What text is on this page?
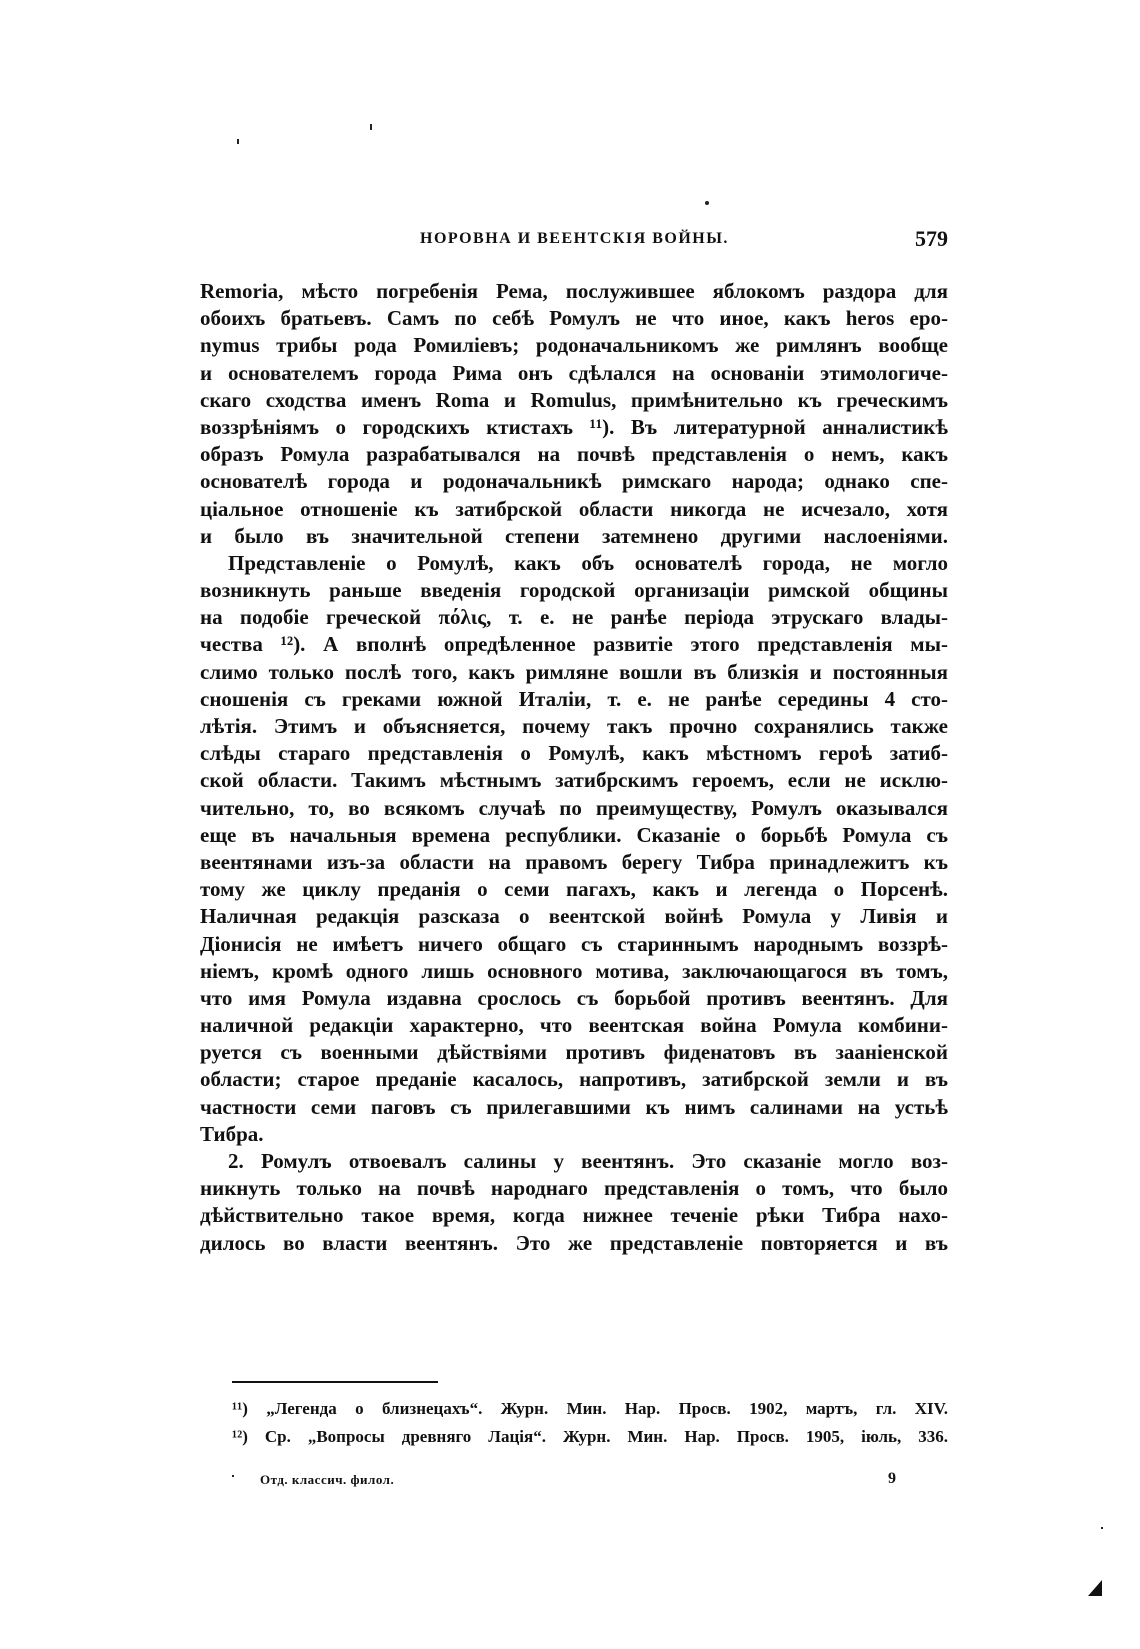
НОРОВНА И ВЕЕНТСКІЯ ВОЙНЫ.	579
Remoria, мѣсто погребенія Рема, послужившее яблокомъ раздора для
обоихъ братьевъ. Самъ по себѣ Ромулъ не что иное, какъ heros epo-
nymus трибы рода Ромиліевъ; родоначальникомъ же римлянъ вообще
и основателемъ города Рима онъ сдѣлался на основаніи этимологиче-
скаго сходства именъ Roma и Romulus, примѣнительно къ греческимъ
воззрѣніямъ о городскихъ ктистахъ ¹¹). Въ литературной анналистикѣ
образъ Ромула разрабатывался на почвѣ представленія о немъ, какъ
основателѣ города и родоначальникѣ римскаго народа; однако спе-
ціальное отношеніе къ затибрской области никогда не исчезало, хотя
и было въ значительной степени затемнено другими наслоеніями.
Представленіе о Ромулѣ, какъ объ основателѣ города, не могло
возникнуть раньше введенія городской организаціи римской общины
на подобіе греческой πόλις, т. е. не ранѣе періода этрускаго влады-
чества ¹²). А вполнѣ опредѣленное развитіе этого представленія мы-
слимо только послѣ того, какъ римляне вошли въ близкія и постоянныя
сношенія съ греками южной Италіи, т. е. не ранѣе середины 4 сто-
лѣтія. Этимъ и объясняется, почему такъ прочно сохранялись также
слѣды стараго представленія о Ромулѣ, какъ мѣстномъ героѣ затиб-
ской области. Такимъ мѣстнымъ затибрскимъ героемъ, если не исклю-
чительно, то, во всякомъ случаѣ по преимуществу, Ромулъ оказывался
еще въ начальныя времена республики. Сказаніе о борьбѣ Ромула съ
веентянами изъ-за области на правомъ берегу Тибра принадлежитъ къ
тому же циклу преданія о семи пагахъ, какъ и легенда о Порсенѣ.
Наличная редакція разсказа о веентской войнѣ Ромула у Ливія и
Діонисія не имѣетъ ничего общаго съ стариннымъ народнымъ воззрѣ-
ніемъ, кромѣ одного лишь основного мотива, заключающагося въ томъ,
что имя Ромула издавна срослось съ борьбой противъ веентянъ. Для
наличной редакціи характерно, что веентская война Ромула комбини-
руется съ военными дѣйствіями противъ фиденатовъ въ зааніенской
области; старое преданіе касалось, напротивъ, затибрской земли и въ
частности семи паговъ съ прилегавшими къ нимъ салинами на устьѣ
Тибра.
2. Ромулъ отвоевалъ салины у веентянъ. Это сказаніе могло воз-
никнуть только на почвѣ народнаго представленія о томъ, что было
дѣйствительно такое время, когда нижнее теченіе рѣки Тибра нахо-
дилось во власти веентянъ. Это же представленіе повторяется и въ
¹¹) „Легенда о близнецахъ“. Журн. Мин. Нар. Просв. 1902, мартъ, гл. XIV.
¹²) Ср. „Вопросы древняго Лація“. Журн. Мин. Нар. Просв. 1905, іюль, 336.
Отд. классич. филол.	9
